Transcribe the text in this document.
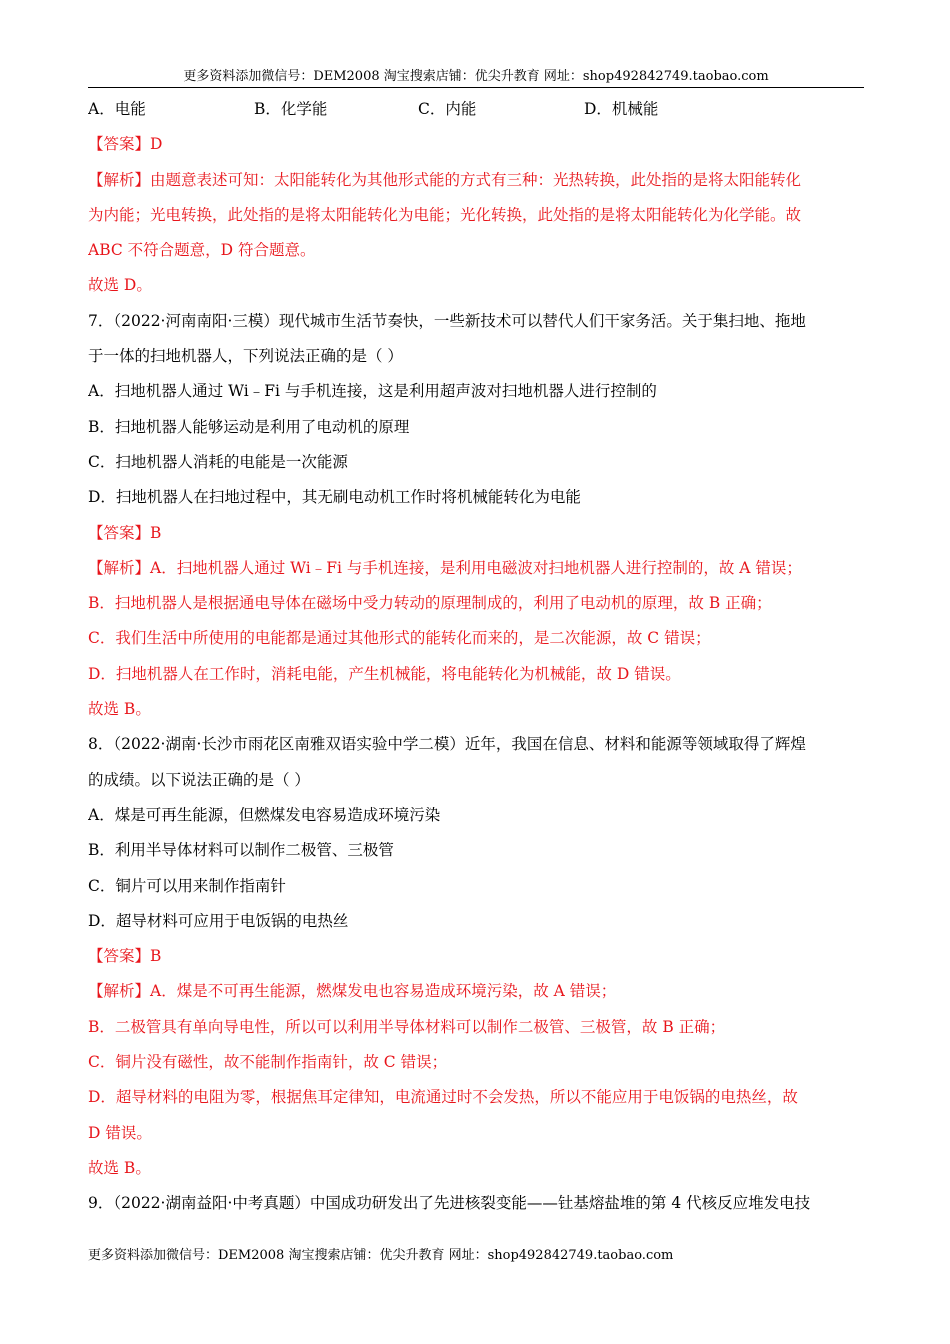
更多资料添加微信号：DEM2008 淘宝搜索店铺：优尖升教育 网址：shop492842749.taobao.com
A．电能	B．化学能	C．内能	D．机械能
【答案】D
【解析】由题意表述可知：太阳能转化为其他形式能的方式有三种：光热转换，此处指的是将太阳能转化
为内能；光电转换，此处指的是将太阳能转化为电能；光化转换，此处指的是将太阳能转化为化学能。故
ABC 不符合题意，D 符合题意。
故选 D。
7．（2022·河南南阳·三模）现代城市生活节奏快，一些新技术可以替代人们干家务活。关于集扫地、拖地
于一体的扫地机器人，下列说法正确的是（ ）
A．扫地机器人通过 Wi﹣Fi 与手机连接，这是利用超声波对扫地机器人进行控制的
B．扫地机器人能够运动是利用了电动机的原理
C．扫地机器人消耗的电能是一次能源
D．扫地机器人在扫地过程中，其无刷电动机工作时将机械能转化为电能
【答案】B
【解析】A．扫地机器人通过 Wi﹣Fi 与手机连接，是利用电磁波对扫地机器人进行控制的，故 A 错误；
B．扫地机器人是根据通电导体在磁场中受力转动的原理制成的，利用了电动机的原理，故 B 正确；
C．我们生活中所使用的电能都是通过其他形式的能转化而来的，是二次能源，故 C 错误；
D．扫地机器人在工作时，消耗电能，产生机械能，将电能转化为机械能，故 D 错误。
故选 B。
8．（2022·湖南·长沙市雨花区南雅双语实验中学二模）近年，我国在信息、材料和能源等领域取得了辉煌
的成绩。以下说法正确的是（ ）
A．煤是可再生能源，但燃煤发电容易造成环境污染
B．利用半导体材料可以制作二极管、三极管
C．铜片可以用来制作指南针
D．超导材料可应用于电饭锅的电热丝
【答案】B
【解析】A．煤是不可再生能源，燃煤发电也容易造成环境污染，故 A 错误；
B．二极管具有单向导电性，所以可以利用半导体材料可以制作二极管、三极管，故 B 正确；
C．铜片没有磁性，故不能制作指南针，故 C 错误；
D．超导材料的电阻为零，根据焦耳定律知，电流通过时不会发热，所以不能应用于电饭锅的电热丝，故
D 错误。
故选 B。
9．（2022·湖南益阳·中考真题）中国成功研发出了先进核裂变能——钍基熔盐堆的第 4 代核反应堆发电技
更多资料添加微信号：DEM2008 淘宝搜索店铺：优尖升教育 网址：shop492842749.taobao.com
